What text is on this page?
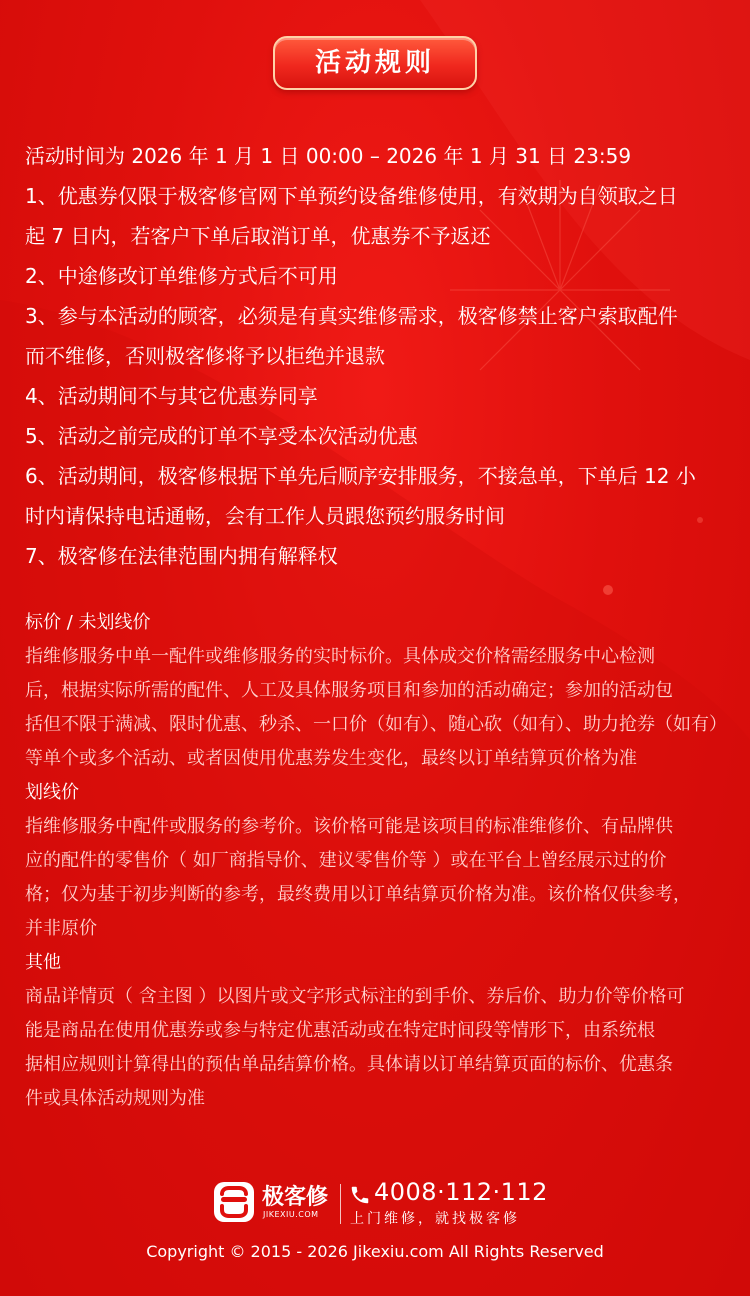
活动规则
活动时间为 2026 年 1 月 1 日 00:00 – 2026 年 1 月 31 日 23:59
1、优惠券仅限于极客修官网下单预约设备维修使用，有效期为自领取之日
起 7 日内，若客户下单后取消订单，优惠券不予返还
2、中途修改订单维修方式后不可用
3、参与本活动的顾客，必须是有真实维修需求，极客修禁止客户索取配件
而不维修，否则极客修将予以拒绝并退款
4、活动期间不与其它优惠券同享
5、活动之前完成的订单不享受本次活动优惠
6、活动期间，极客修根据下单先后顺序安排服务，不接急单，下单后 12 小
时内请保持电话通畅，会有工作人员跟您预约服务时间
7、极客修在法律范围内拥有解释权
标价 / 未划线价
指维修服务中单一配件或维修服务的实时标价。具体成交价格需经服务中心检测
后，根据实际所需的配件、人工及具体服务项目和参加的活动确定；参加的活动包
括但不限于满减、限时优惠、秒杀、一口价（如有）、随心砍（如有）、助力抢券（如有）
等单个或多个活动、或者因使用优惠券发生变化，最终以订单结算页价格为准
划线价
指维修服务中配件或服务的参考价。该价格可能是该项目的标准维修价、有品牌供
应的配件的零售价（ 如厂商指导价、建议零售价等 ）或在平台上曾经展示过的价
格；仅为基于初步判断的参考，最终费用以订单结算页价格为准。该价格仅供参考，
并非原价
其他
商品详情页（ 含主图 ）以图片或文字形式标注的到手价、券后价、助力价等价格可
能是商品在使用优惠券或参与特定优惠活动或在特定时间段等情形下，由系统根
据相应规则计算得出的预估单品结算价格。具体请以订单结算页面的标价、优惠条
件或具体活动规则为准
极客修
JIKEXIU.COM
4008·112·112
上门维修，就找极客修
Copyright © 2015 - 2026 Jikexiu.com All Rights Reserved
